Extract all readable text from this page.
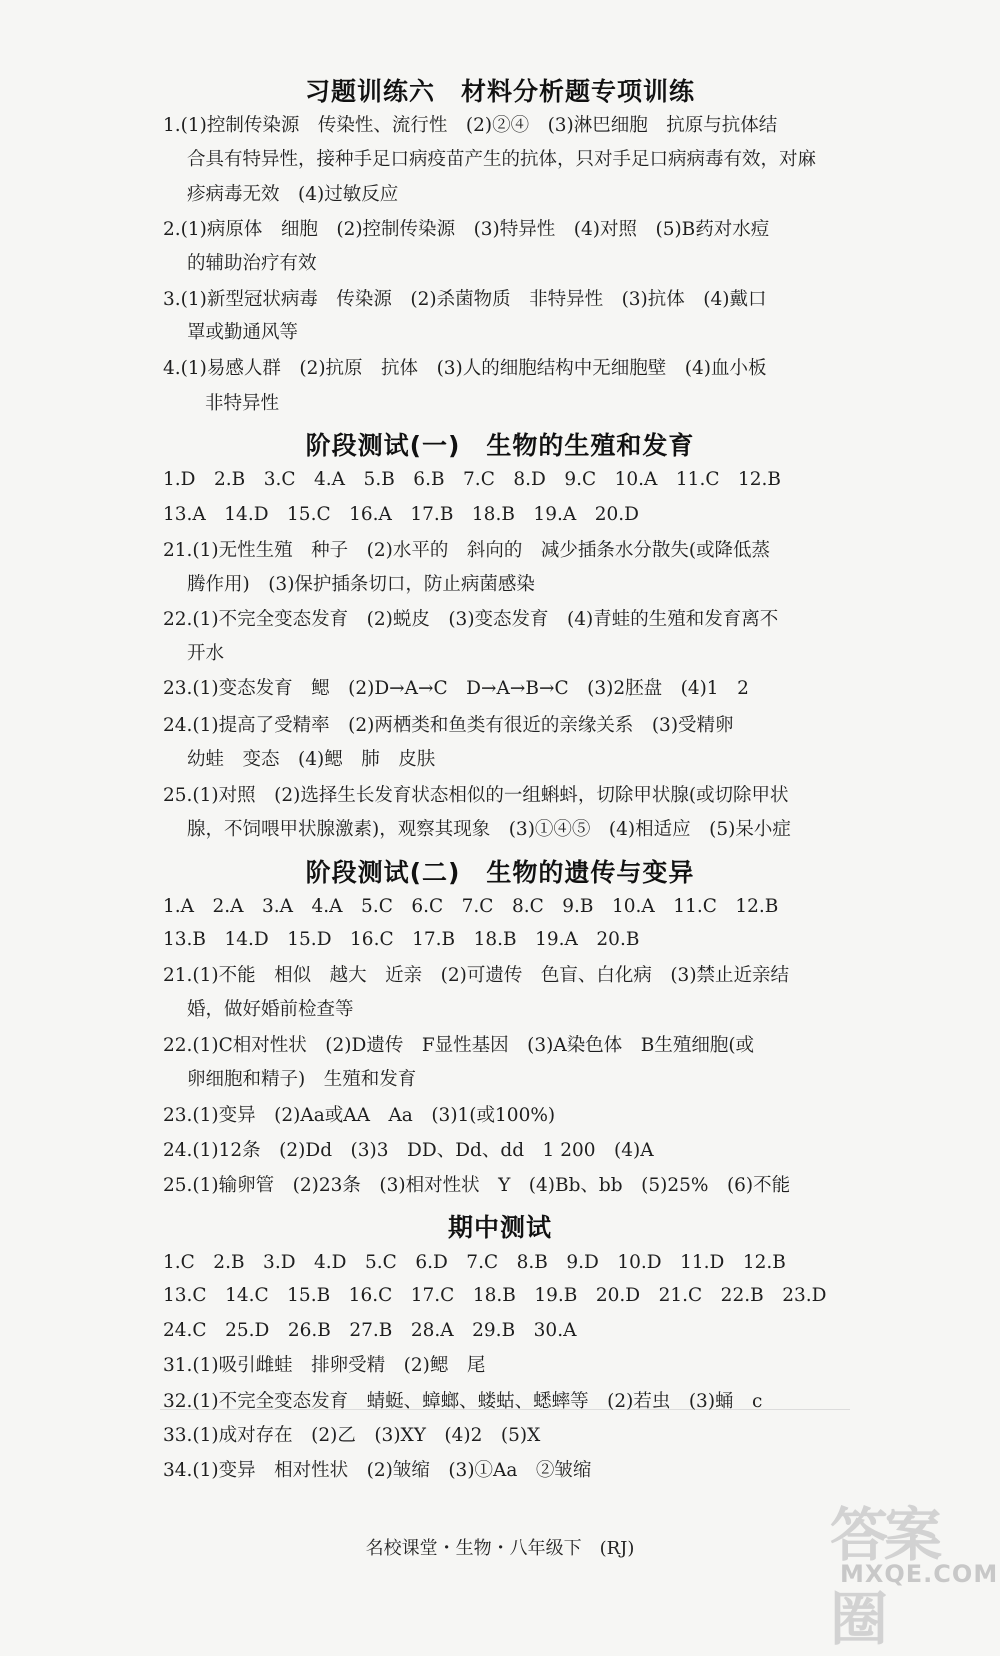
习题训练六　材料分析题专项训练
1.(1)控制传染源　传染性、流行性　(2)②④　(3)淋巴细胞　抗原与抗体结
合具有特异性，接种手足口病疫苗产生的抗体，只对手足口病病毒有效，对麻
疹病毒无效　(4)过敏反应
2.(1)病原体　细胞　(2)控制传染源　(3)特异性　(4)对照　(5)B药对水痘
的辅助治疗有效
3.(1)新型冠状病毒　传染源　(2)杀菌物质　非特异性　(3)抗体　(4)戴口
罩或勤通风等
4.(1)易感人群　(2)抗原　抗体　(3)人的细胞结构中无细胞壁　(4)血小板
非特异性
阶段测试(一)　生物的生殖和发育
1.D　2.B　3.C　4.A　5.B　6.B　7.C　8.D　9.C　10.A　11.C　12.B
13.A　14.D　15.C　16.A　17.B　18.B　19.A　20.D
21.(1)无性生殖　种子　(2)水平的　斜向的　减少插条水分散失(或降低蒸
腾作用)　(3)保护插条切口，防止病菌感染
22.(1)不完全变态发育　(2)蜕皮　(3)变态发育　(4)青蛙的生殖和发育离不
开水
23.(1)变态发育　鳃　(2)D→A→C　D→A→B→C　(3)2胚盘　(4)1　2
24.(1)提高了受精率　(2)两栖类和鱼类有很近的亲缘关系　(3)受精卵
幼蛙　变态　(4)鳃　肺　皮肤
25.(1)对照　(2)选择生长发育状态相似的一组蝌蚪，切除甲状腺(或切除甲状
腺，不饲喂甲状腺激素)，观察其现象　(3)①④⑤　(4)相适应　(5)呆小症
阶段测试(二)　生物的遗传与变异
1.A　2.A　3.A　4.A　5.C　6.C　7.C　8.C　9.B　10.A　11.C　12.B
13.B　14.D　15.D　16.C　17.B　18.B　19.A　20.B
21.(1)不能　相似　越大　近亲　(2)可遗传　色盲、白化病　(3)禁止近亲结
婚，做好婚前检查等
22.(1)C相对性状　(2)D遗传　F显性基因　(3)A染色体　B生殖细胞(或
卵细胞和精子)　生殖和发育
23.(1)变异　(2)Aa或AA　Aa　(3)1(或100%)
24.(1)12条　(2)Dd　(3)3　DD、Dd、dd　1 200　(4)A
25.(1)输卵管　(2)23条　(3)相对性状　Y　(4)Bb、bb　(5)25%　(6)不能
期中测试
1.C　2.B　3.D　4.D　5.C　6.D　7.C　8.B　9.D　10.D　11.D　12.B
13.C　14.C　15.B　16.C　17.C　18.B　19.B　20.D　21.C　22.B　23.D
24.C　25.D　26.B　27.B　28.A　29.B　30.A
31.(1)吸引雌蛙　排卵受精　(2)鳃　尾
32.(1)不完全变态发育　蜻蜓、蟑螂、蝼蛄、蟋蟀等　(2)若虫　(3)蛹　c
33.(1)成对存在　(2)乙　(3)XY　(4)2　(5)X
34.(1)变异　相对性状　(2)皱缩　(3)①Aa　②皱缩
名校课堂・生物・八年级下　(RJ)	答案圈
MXQE.COM
